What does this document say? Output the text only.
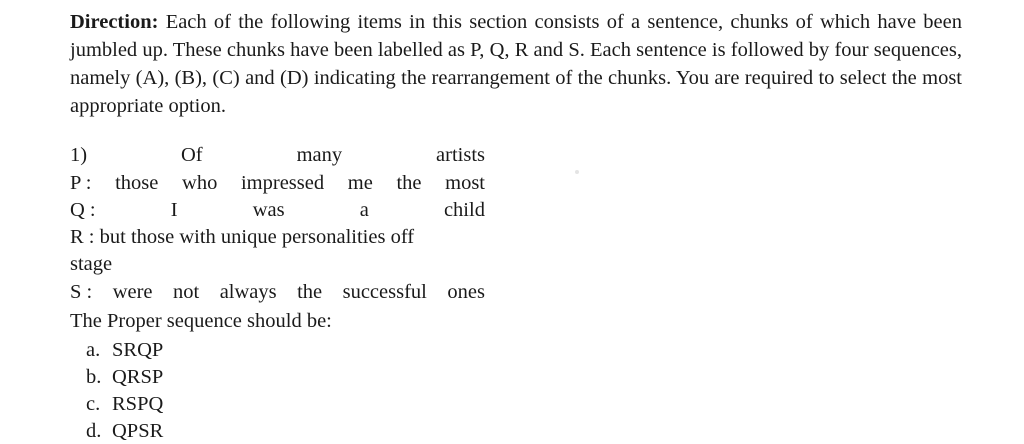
Direction: Each of the following items in this section consists of a sentence, chunks of which have been jumbled up. These chunks have been labelled as P, Q, R and S. Each sentence is followed by four sequences, namely (A), (B), (C) and (D) indicating the rearrangement of the chunks. You are required to select the most appropriate option.

1)	Of	many	artists
P : those who impressed me the most
Q :	I	was	a	child
R : but those with unique personalities off
stage
S : were not always the successful ones
The Proper sequence should be:
a. SRQP
b. QRSP
c. RSPQ
d. QPSR
